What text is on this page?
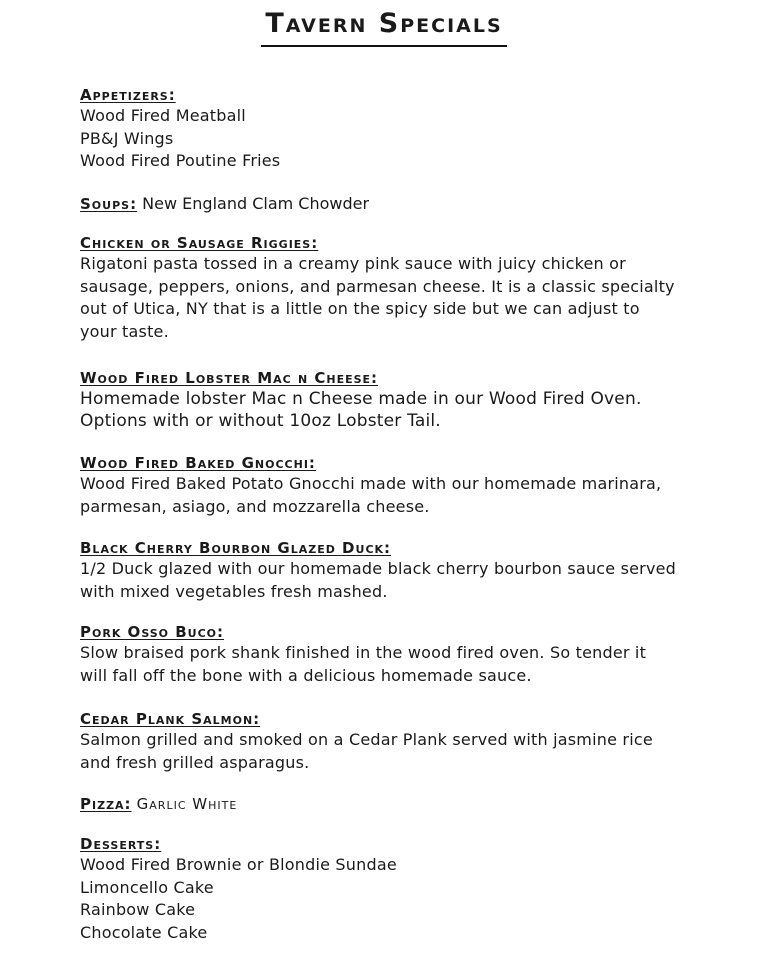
Tavern Specials
Appetizers:
Wood Fired Meatball
PB&J Wings
Wood Fired Poutine Fries
Soups: New England Clam Chowder
Chicken or Sausage Riggies:
Rigatoni pasta tossed in a creamy pink sauce with juicy chicken or
sausage, peppers, onions, and parmesan cheese. It is a classic specialty
out of Utica, NY that is a little on the spicy side but we can adjust to
your taste.
Wood Fired Lobster Mac n Cheese:
Homemade lobster Mac n Cheese made in our Wood Fired Oven.
Options with or without 10oz Lobster Tail.
Wood Fired Baked Gnocchi:
Wood Fired Baked Potato Gnocchi made with our homemade marinara,
parmesan, asiago, and mozzarella cheese.
Black Cherry Bourbon Glazed Duck:
1/2 Duck glazed with our homemade black cherry bourbon sauce served
with mixed vegetables fresh mashed.
Pork Osso Buco:
Slow braised pork shank finished in the wood fired oven. So tender it
will fall off the bone with a delicious homemade sauce.
Cedar Plank Salmon:
Salmon grilled and smoked on a Cedar Plank served with jasmine rice
and fresh grilled asparagus.
Pizza: Garlic White
Desserts:
Wood Fired Brownie or Blondie Sundae
Limoncello Cake
Rainbow Cake
Chocolate Cake
